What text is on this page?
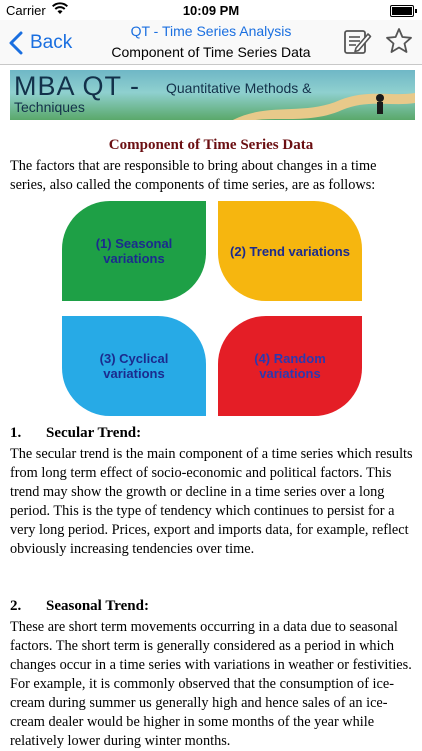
Carrier	10:09 PM
Back
QT - Time Series Analysis
Component of Time Series Data
MBA QT - Quantitative Methods &
Techniques
Component of Time Series Data
The factors that are responsible to bring about changes in a time series, also called the components of time series, are as follows:
(1) Seasonal variations	(2) Trend variations
(3) Cyclical variations
(4) Random variations
1. Secular Trend:
The secular trend is the main component of a time series which results from long term effect of socio-economic and political factors. This trend may show the growth or decline in a time series over a long period. This is the type of tendency which continues to persist for a very long period. Prices, export and imports data, for example, reflect obviously increasing tendencies over time.
2. Seasonal Trend:
These are short term movements occurring in a data due to seasonal factors. The short term is generally considered as a period in which changes occur in a time series with variations in weather or festivities. For example, it is commonly observed that the consumption of ice-cream during summer us generally high and hence sales of an ice-cream dealer would be higher in some months of the year while relatively lower during winter months.
